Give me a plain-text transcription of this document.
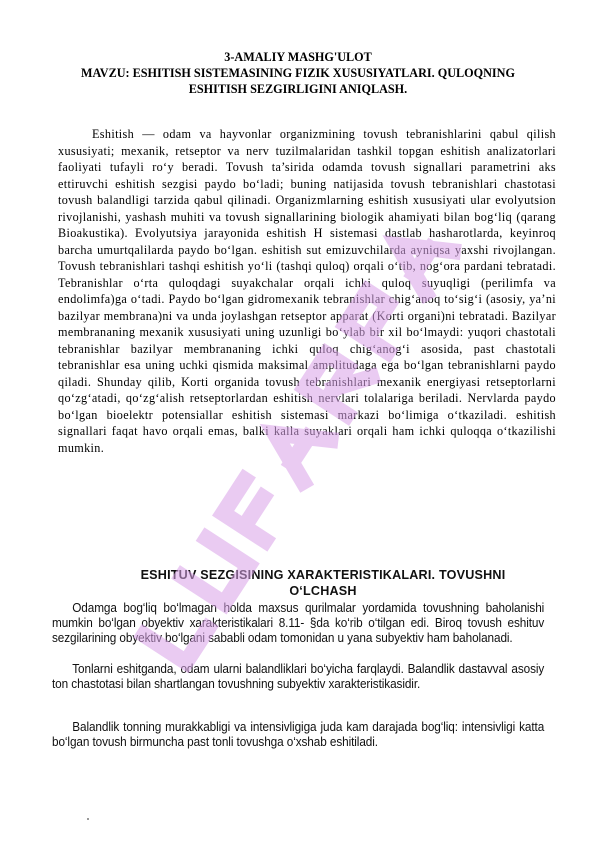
3-AMALIY MASHG'ULOT
MAVZU: ESHITISH SISTEMASINING FIZIK XUSUSIYATLARI. QULOQNING
ESHITISH SEZGIRLIGINI ANIQLASH.

Eshitish — odam va hayvonlar organizmining tovush tebranishlarini qabul qilish xususiyati; mexanik, retseptor va nerv tuzilmalaridan tashkil topgan eshitish analizatorlari faoliyati tufayli ro‘y beradi. Tovush ta’sirida odamda tovush signallari parametrini aks ettiruvchi eshitish sezgisi paydo bo‘ladi; buning natijasida tovush tebranishlari chastotasi tovush balandligi tarzida qabul qilinadi. Organizmlarning eshitish xususiyati ular evolyutsion rivojlanishi, yashash muhiti va tovush signallarining biologik ahamiyati bilan bog‘liq (qarang Bioakustika). Evolyutsiya jarayonida eshitish H sistemasi dastlab hasharotlarda, keyinroq barcha umurtqalilarda paydo bo‘lgan. eshitish sut emizuvchilarda ayniqsa yaxshi rivojlangan. Tovush tebranishlari tashqi eshitish yo‘li (tashqi quloq) orqali o‘tib, nog‘ora pardani tebratadi. Tebranishlar o‘rta quloqdagi suyakchalar orqali ichki quloq suyuqligi (perilimfa va endolimfa)ga o‘tadi. Paydo bo‘lgan gidromexanik tebranishlar chig‘anoq to‘sig‘i (asosiy, ya’ni bazilyar membrana)ni va unda joylashgan retseptor apparat (Korti organi)ni tebratadi. Bazilyar membrananing mexanik xususiyati uning uzunligi bo‘ylab bir xil bo‘lmaydi: yuqori chastotali tebranishlar bazilyar membrananing ichki quloq chig‘anog‘i asosida, past chastotali tebranishlar esa uning uchki qismida maksimal amplitudaga ega bo‘lgan tebranishlarni paydo qiladi. Shunday qilib, Korti organida tovush tebranishlari mexanik energiyasi retseptorlarni qo‘zg‘atadi, qo‘zg‘alish retseptorlardan eshitish nervlari tolalariga beriladi. Nervlarda paydo bo‘lgan bioelektr potensiallar eshitish sistemasi markazi bo‘limiga o‘tkaziladi. eshitish signallari faqat havo orqali emas, balki kalla suyaklari orqali ham ichki quloqqa o‘tkazilishi mumkin.

ESHITUV SEZGISINING XARAKTERISTIKALARI. TOVUSHNI
O‘LCHASH

Odamga bog‘liq bo‘lmagan holda maxsus qurilmalar yordamida tovushning baholanishi mumkin bo‘lgan obyektiv xarakteristikalari 8.11- §da ko‘rib o‘tilgan edi. Biroq tovush eshituv sezgilarining obyektiv bo‘lgani sababli odam tomonidan u yana subyektiv ham baholanadi.

Tonlarni eshitganda, odam ularni balandliklari bo‘yicha farqlaydi. Balandlik dastavval asosiy ton chastotasi bilan shartlangan tovushning subyektiv xarakteristikasidir.

Balandlik tonning murakkabligi va intensivligiga juda kam darajada bog‘liq: intensivligi katta bo‘lgan tovush birmuncha past tonli tovushga o‘xshab eshitiladi.
